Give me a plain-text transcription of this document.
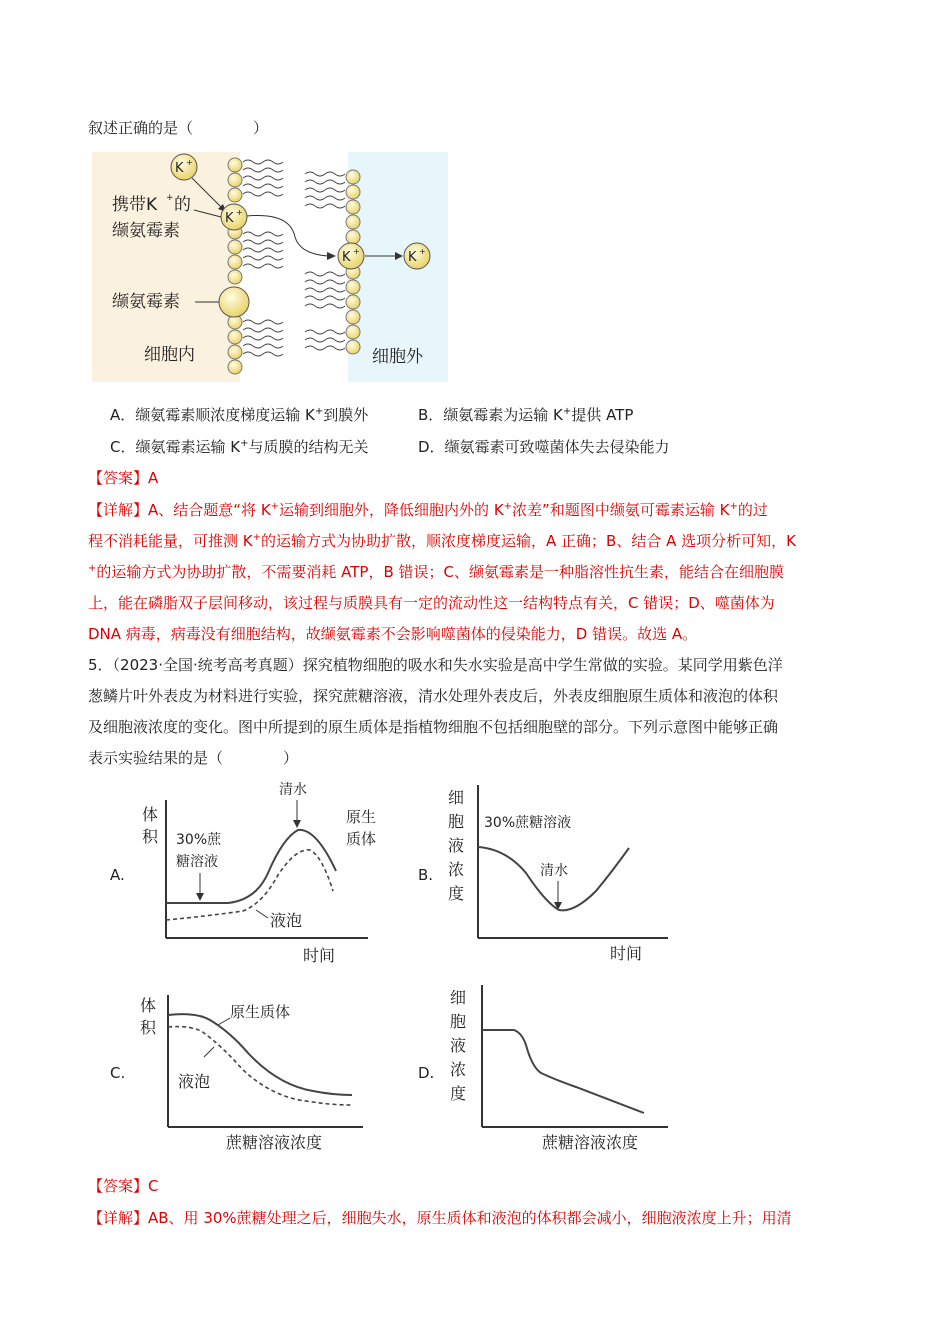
叙述正确的是（　　　　）
K +
K +
K +	K +
携带K + 的
缬氨霉素
缬氨霉素
细胞内	细胞外
A．缬氨霉素顺浓度梯度运输 K+到膜外	B．缬氨霉素为运输 K+提供 ATP
C．缬氨霉素运输 K+与质膜的结构无关	D．缬氨霉素可致噬菌体失去侵染能力
【答案】A
【详解】A、结合题意“将 K+运输到细胞外，降低细胞内外的 K+浓差”和题图中缬氨可霉素运输 K+的过
程不消耗能量，可推测 K+的运输方式为协助扩散，顺浓度梯度运输，A 正确；B、结合 A 选项分析可知，K
+的运输方式为协助扩散，不需要消耗 ATP，B 错误；C、缬氨霉素是一种脂溶性抗生素，能结合在细胞膜
上，能在磷脂双子层间移动，该过程与质膜具有一定的流动性这一结构特点有关，C 错误；D、噬菌体为
DNA 病毒，病毒没有细胞结构，故缬氨霉素不会影响噬菌体的侵染能力，D 错误。故选 A。
5．（2023·全国·统考高考真题）探究植物细胞的吸水和失水实验是高中学生常做的实验。某同学用紫色洋
葱鳞片叶外表皮为材料进行实验，探究蔗糖溶液，清水处理外表皮后，外表皮细胞原生质体和液泡的体积
及细胞液浓度的变化。图中所提到的原生质体是指植物细胞不包括细胞壁的部分。下列示意图中能够正确
表示实验结果的是（　　　　）
A.
体
积 30%蔗
糖溶液
清水
原生
质体
液泡
时间
B.
细
胞
液
浓
度
30%蔗糖溶液
清水
时间
C.
体
积
原生质体
液泡
蔗糖溶液浓度
D.
细
胞
液
浓
度
蔗糖溶液浓度
【答案】C
【详解】AB、用 30%蔗糖处理之后，细胞失水，原生质体和液泡的体积都会减小，细胞液浓度上升；用清
